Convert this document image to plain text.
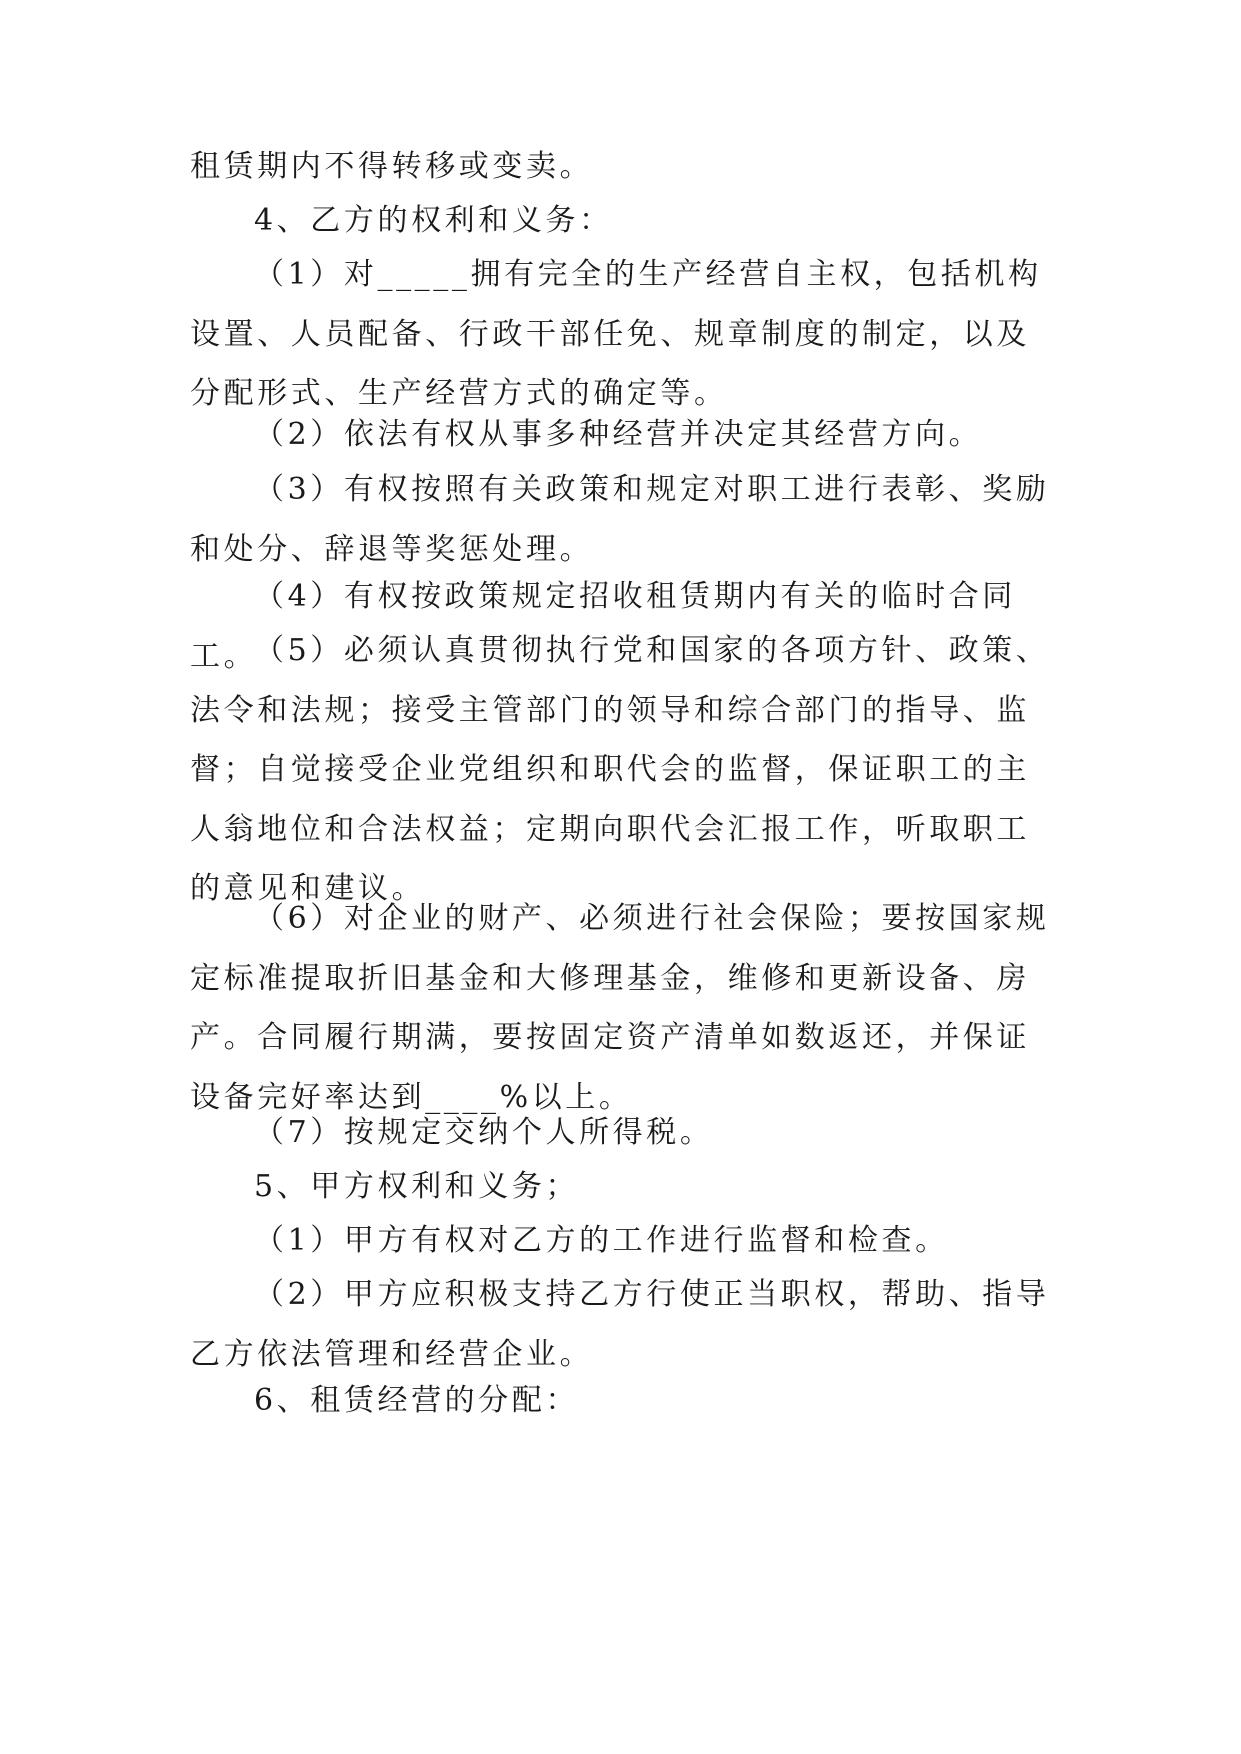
租赁期内不得转移或变卖。

4、乙方的权利和义务：

（1）对_____拥有完全的生产经营自主权，包括机构设置、人员配备、行政干部任免、规章制度的制定，以及分配形式、生产经营方式的确定等。

（2）依法有权从事多种经营并决定其经营方向。

（3）有权按照有关政策和规定对职工进行表彰、奖励和处分、辞退等奖惩处理。

（4）有权按政策规定招收租赁期内有关的临时合同工。

（5）必须认真贯彻执行党和国家的各项方针、政策、法令和法规；接受主管部门的领导和综合部门的指导、监督；自觉接受企业党组织和职代会的监督，保证职工的主人翁地位和合法权益；定期向职代会汇报工作，听取职工的意见和建议。

（6）对企业的财产、必须进行社会保险；要按国家规定标准提取折旧基金和大修理基金，维修和更新设备、房产。合同履行期满，要按固定资产清单如数返还，并保证设备完好率达到____%以上。

（7）按规定交纳个人所得税。

5、甲方权利和义务；

（1）甲方有权对乙方的工作进行监督和检查。

（2）甲方应积极支持乙方行使正当职权，帮助、指导乙方依法管理和经营企业。

6、租赁经营的分配：
